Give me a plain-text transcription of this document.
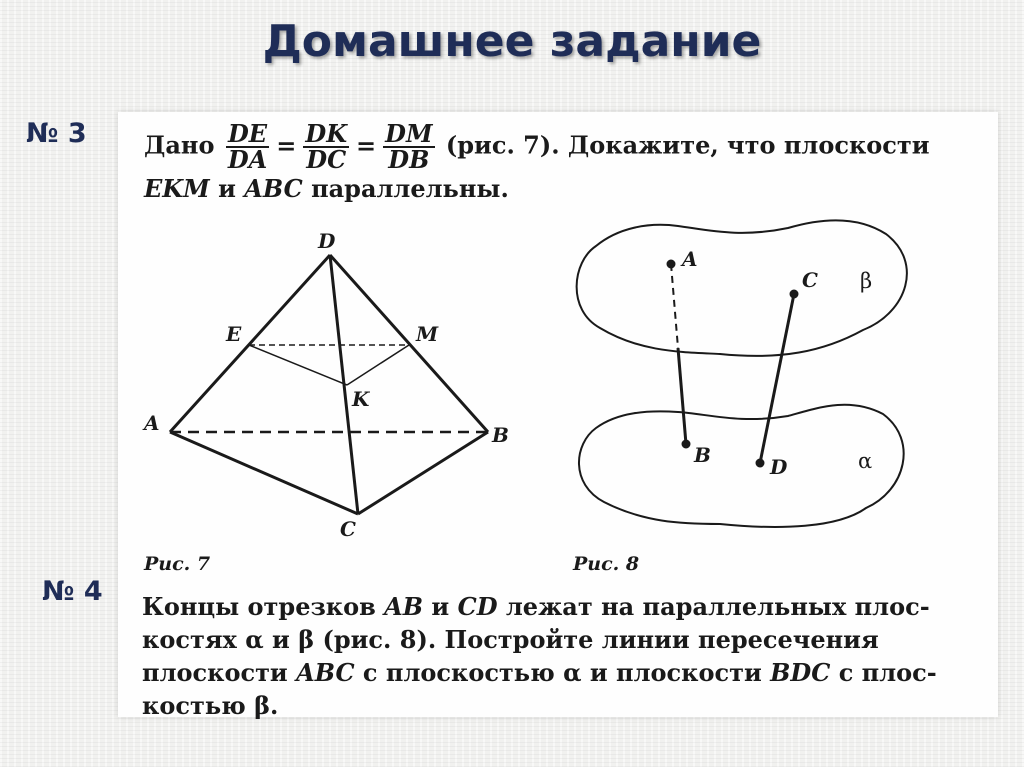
Домашнее задание
№ 3
№ 4
Дано $\frac{DE}{DA} = \frac{DK}{DC} = \frac{DM}{DB} (рис$. 7). Докажите, что плоскости
EKM и ABC параллельны.
D
E	M
K
A	B
C
Рис. 7
A
C
B	D
β
α
Рис. 8
Концы отрезков AB и CD лежат на параллельных плос-
костях α и β (рис. 8). Постройте линии пересечения
плоскости ABC с плоскостью α и плоскости BDC с плос-
костью β.
